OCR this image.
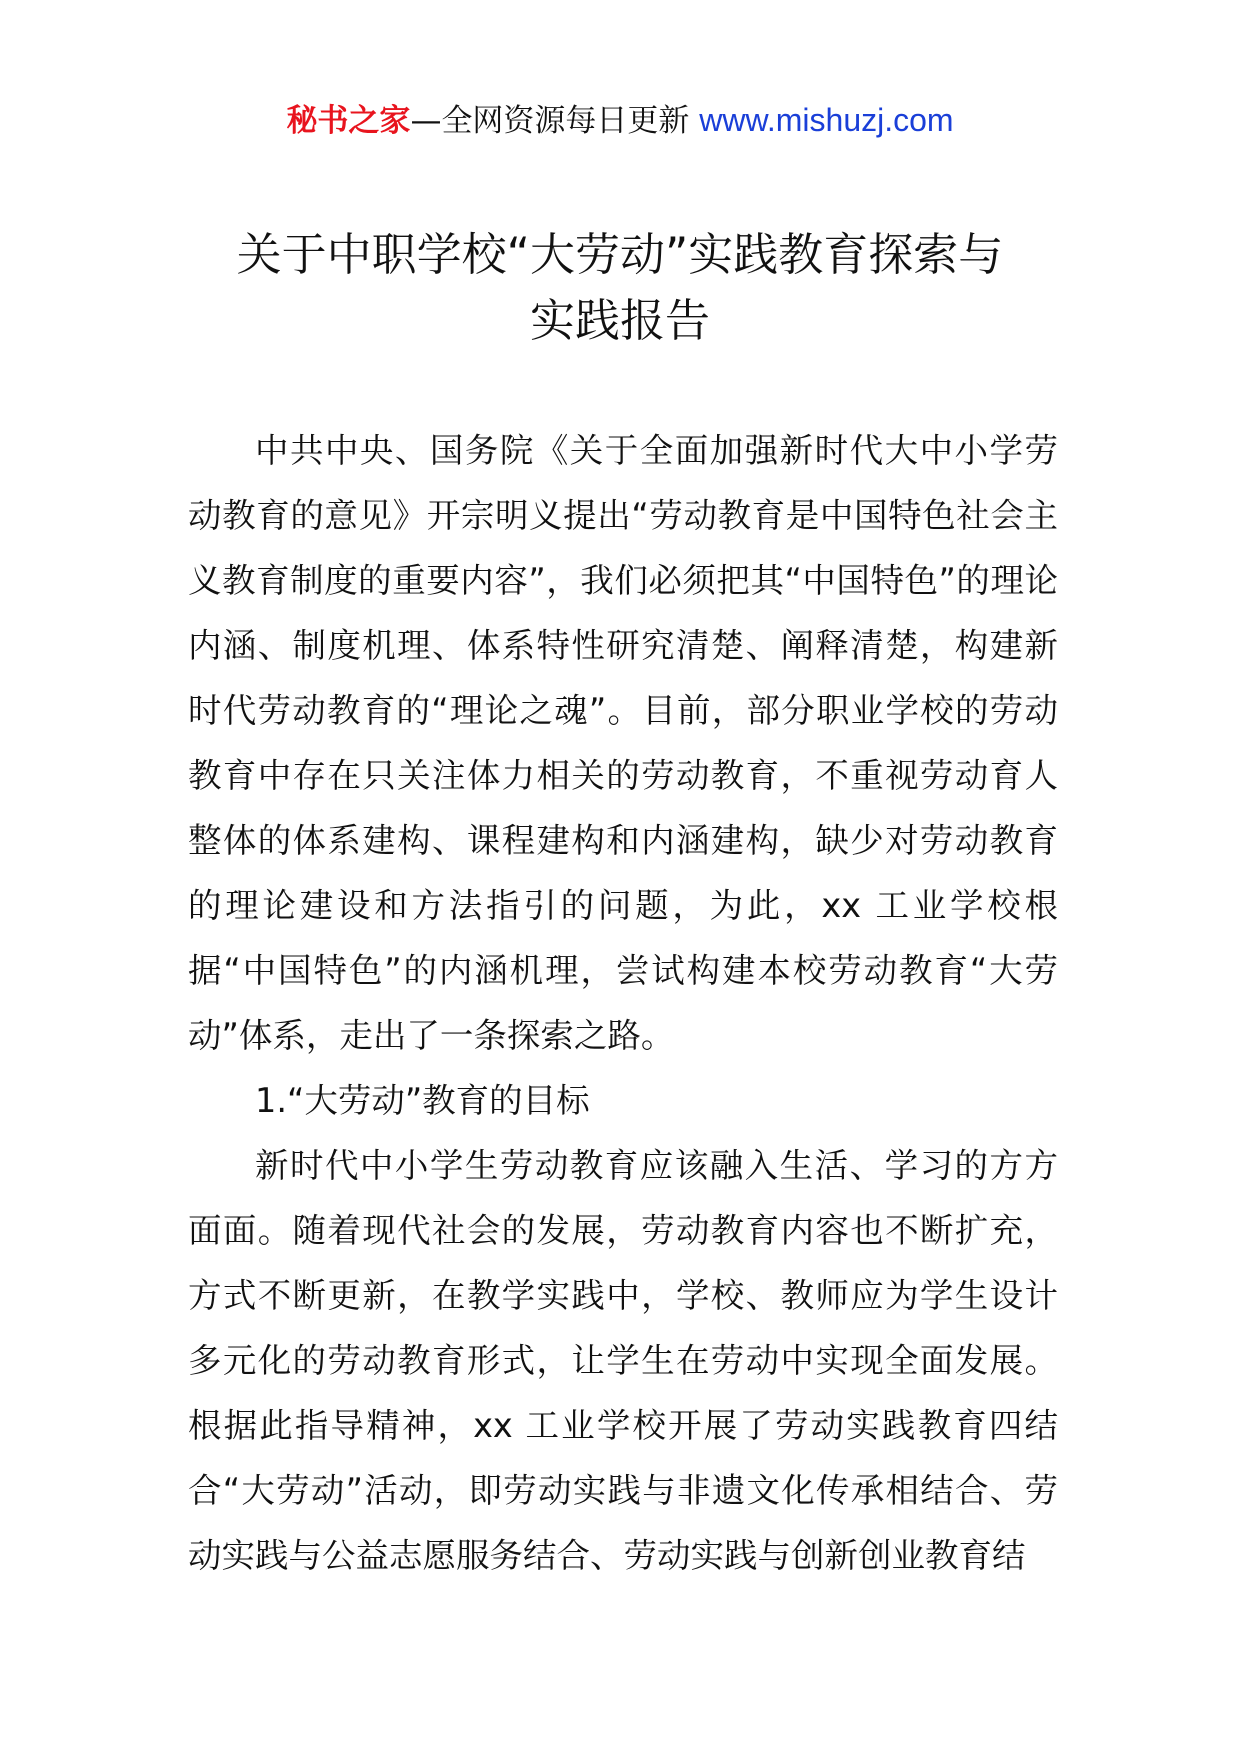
秘书之家—全网资源每日更新 www.mishuzj.com
关于中职学校“大劳动”实践教育探索与
实践报告

中共中央、国务院《关于全面加强新时代大中小学劳动教育的意见》开宗明义提出“劳动教育是中国特色社会主义教育制度的重要内容”，我们必须把其“中国特色”的理论内涵、制度机理、体系特性研究清楚、阐释清楚，构建新时代劳动教育的“理论之魂”。目前，部分职业学校的劳动教育中存在只关注体力相关的劳动教育，不重视劳动育人整体的体系建构、课程建构和内涵建构，缺少对劳动教育的理论建设和方法指引的问题，为此，xx 工业学校根据“中国特色”的内涵机理，尝试构建本校劳动教育“大劳动”体系，走出了一条探索之路。

1.“大劳动”教育的目标

新时代中小学生劳动教育应该融入生活、学习的方方面面。随着现代社会的发展，劳动教育内容也不断扩充，方式不断更新，在教学实践中，学校、教师应为学生设计多元化的劳动教育形式，让学生在劳动中实现全面发展。根据此指导精神，xx 工业学校开展了劳动实践教育四结合“大劳动”活动，即劳动实践与非遗文化传承相结合、劳动实践与公益志愿服务结合、劳动实践与创新创业教育结
